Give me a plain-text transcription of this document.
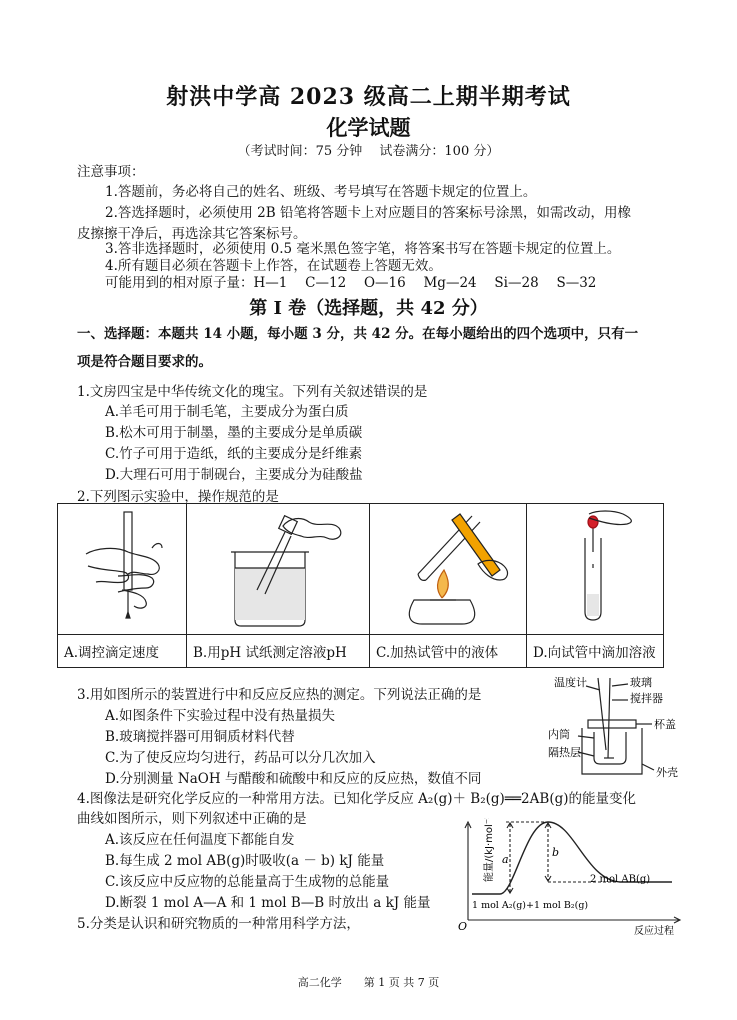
射洪中学高 2023 级高二上期半期考试
化学试题
（考试时间：75 分钟　 试卷满分：100 分）
注意事项：
1.答题前，务必将自己的姓名、班级、考号填写在答题卡规定的位置上。
2.答选择题时，必须使用 2B 铅笔将答题卡上对应题目的答案标号涂黑，如需改动，用橡
皮擦擦干净后，再选涂其它答案标号。
3.答非选择题时，必须使用 0.5 毫米黑色签字笔，将答案书写在答题卡规定的位置上。
4.所有题目必须在答题卡上作答，在试题卷上答题无效。
可能用到的相对原子量：H—1　 C—12　 O—16　 Mg—24　 Si—28　 S—32
第 I 卷（选择题，共 42 分）
一、选择题：本题共 14 小题，每小题 3 分，共 42 分。在每小题给出的四个选项中，只有一
项是符合题目要求的。
1.文房四宝是中华传统文化的瑰宝。下列有关叙述错误的是
A.羊毛可用于制毛笔，主要成分为蛋白质
B.松木可用于制墨，墨的主要成分是单质碳
C.竹子可用于造纸，纸的主要成分是纤维素
D.大理石可用于制砚台，主要成分为硅酸盐
2.下列图示实验中，操作规范的是

A.调控滴定速度	B.用pH 试纸测定溶液pH	C.加热试管中的液体	D.向试管中滴加溶液
3.用如图所示的装置进行中和反应反应热的测定。下列说法正确的是
A.如图条件下实验过程中没有热量损失
B.玻璃搅拌器可用铜质材料代替
C.为了使反应均匀进行，药品可以分几次加入
D.分别测量 NaOH 与醋酸和硫酸中和反应的反应热，数值不同
温度计	玻璃
搅拌器
内筒
杯盖
隔热层
外壳
4.图像法是研究化学反应的一种常用方法。已知化学反应 A₂(g)＋ B₂(g)══2AB(g)的能量变化
曲线如图所示，则下列叙述中正确的是
A.该反应在任何温度下都能自发
B.每生成 2 mol AB(g)时吸收(a － b) kJ 能量
C.该反应中反应物的总能量高于生成物的总能量
D.断裂 1 mol A—A 和 1 mol B—B 时放出 a kJ 能量
能量/(kJ·mol⁻¹) a
b
2 mol AB(g)
1 mol A₂(g)+1 mol B₂(g)
O	反应过程
5.分类是认识和研究物质的一种常用科学方法，
高二化学　　第 1 页 共 7 页
